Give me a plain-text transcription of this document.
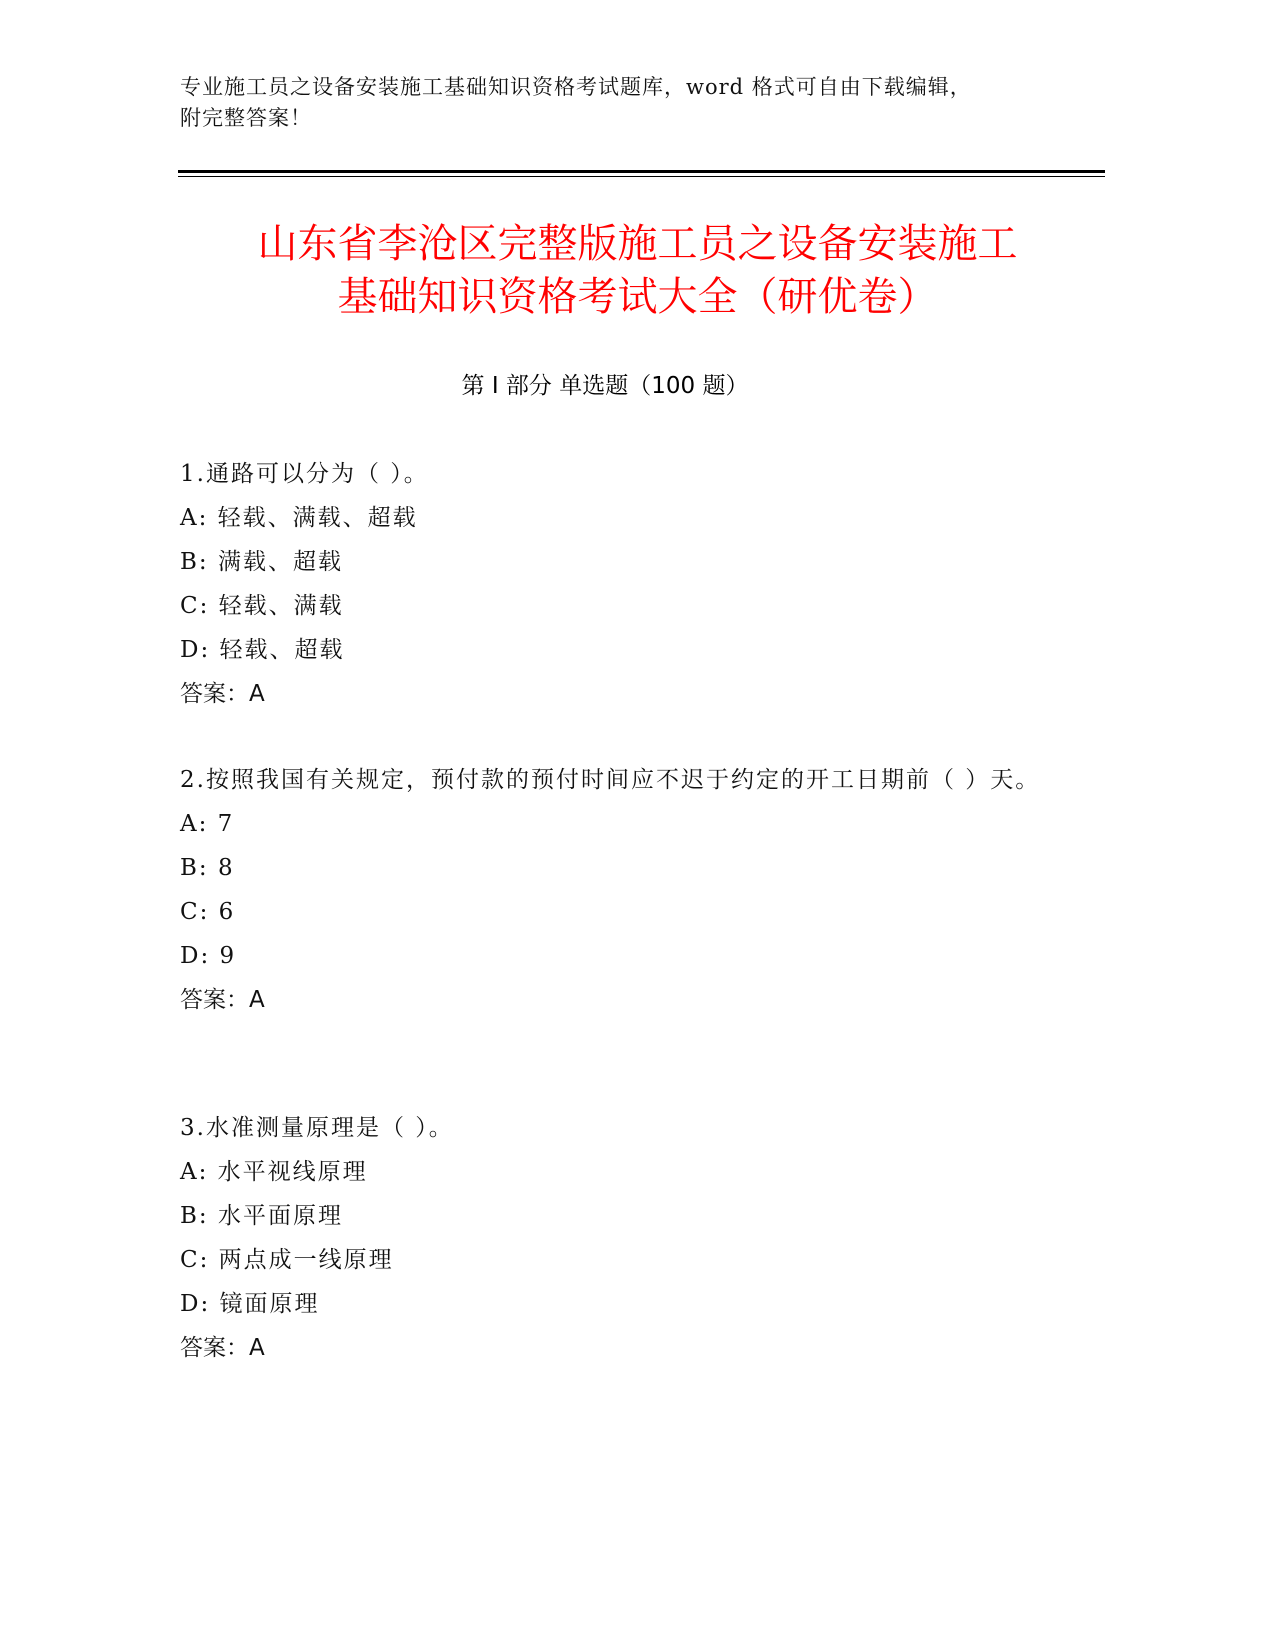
专业施工员之设备安装施工基础知识资格考试题库，word 格式可自由下载编辑，
附完整答案！
山东省李沧区完整版施工员之设备安装施工
基础知识资格考试大全（研优卷）
第 I 部分 单选题（100 题）
1.通路可以分为（ ）。
A: 轻载、满载、超载
B: 满载、超载
C: 轻载、满载
D: 轻载、超载
答案：A
2.按照我国有关规定，预付款的预付时间应不迟于约定的开工日期前（ ）天。
A: 7
B: 8
C: 6
D: 9
答案：A
3.水准测量原理是（ ）。
A: 水平视线原理
B: 水平面原理
C: 两点成一线原理
D: 镜面原理
答案：A
